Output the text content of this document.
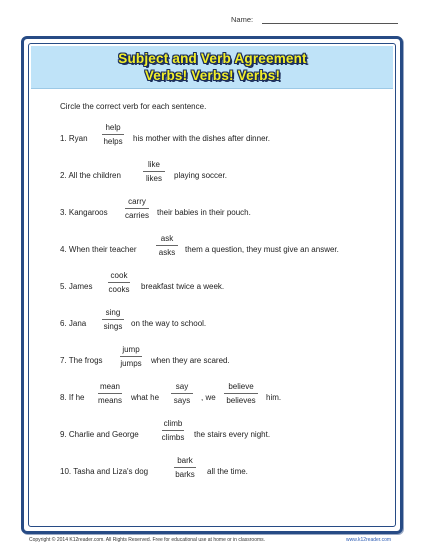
Name:
Subject and Verb Agreement
Verbs! Verbs! Verbs!
Circle the correct verb for each sentence.
1. Ryan
help
helps	his mother with the dishes after dinner.
2. All the children
like
likes	playing soccer.
3. Kangaroos
carry
carries	their babies in their pouch.
4. When their teacher
ask
asks	them a question, they must give an answer.
5. James
cook
cooks	breakfast twice a week.
6. Jana
sing
sings	on the way to school.
7. The frogs
jump
jumps	when they are scared.
8. If he
mean
means	what he
say
says	, we
believe
believes	him.
9. Charlie and George
climb
climbs	the stairs every night.
10. Tasha and Liza's dog
bark
barks	all the time.
Copyright © 2014 K12reader.com. All Rights Reserved. Free for educational use at home or in classrooms.	www.k12reader.com
